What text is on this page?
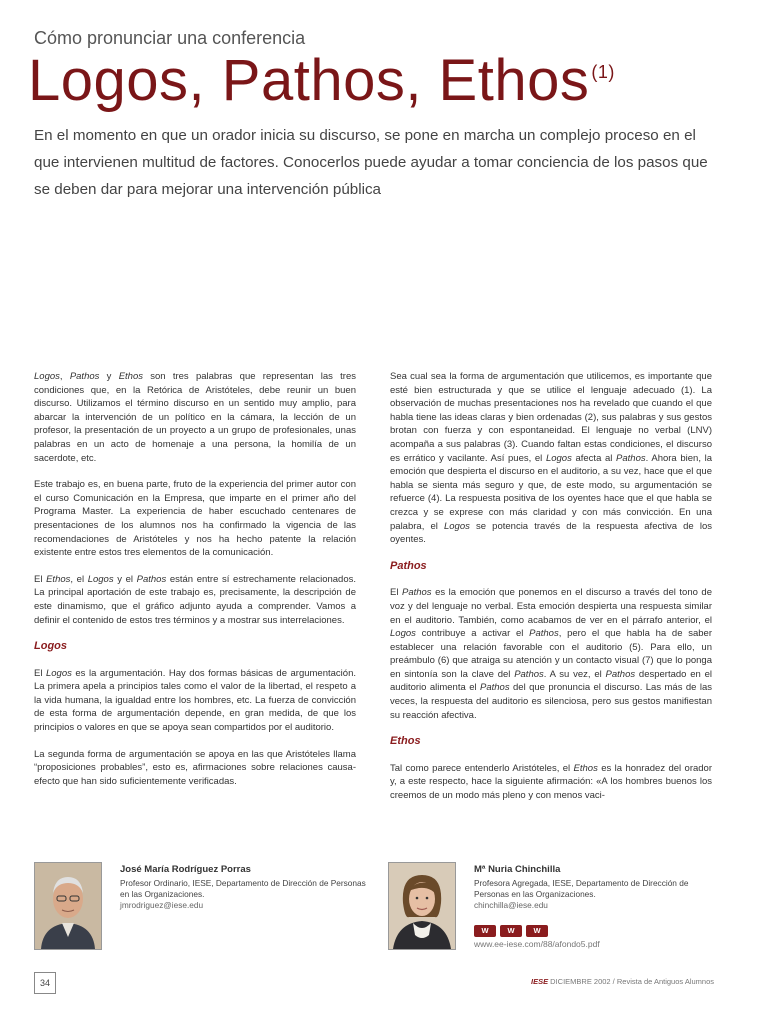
Cómo pronunciar una conferencia
Logos, Pathos, Ethos $^{(1)}$
En el momento en que un orador inicia su discurso, se pone en marcha un complejo proceso en el que intervienen multitud de factores. Conocerlos puede ayudar a tomar conciencia de los pasos que se deben dar para mejorar una intervención pública

Logos, Pathos y Ethos son tres palabras que representan las tres condiciones que, en la Retórica de Aristóteles, debe reunir un buen discurso. Utilizamos el término discurso en un sentido muy amplio, para abarcar la intervención de un político en la cámara, la lección de un profesor, la presentación de un proyecto a un grupo de profesionales, unas palabras en un acto de homenaje a una persona, la homilía de un sacerdote, etc.

Este trabajo es, en buena parte, fruto de la experiencia del primer autor con el curso Comunicación en la Empresa, que imparte en el primer año del Programa Master. La experiencia de haber escuchado centenares de presentaciones de los alumnos nos ha confirmado la vigencia de las recomendaciones de Aristóteles y nos ha hecho patente la relación existente entre estos tres elementos de la comunicación.

El Ethos, el Logos y el Pathos están entre sí estrechamente relacionados. La principal aportación de este trabajo es, precisamente, la descripción de este dinamismo, que el gráfico adjunto ayuda a comprender. Vamos a definir el contenido de estos tres términos y a mostrar sus interrelaciones.

Logos

El Logos es la argumentación. Hay dos formas básicas de argumentación. La primera apela a principios tales como el valor de la libertad, el respeto a la vida humana, la igualdad entre los hombres, etc. La fuerza de convicción de esta forma de argumentación depende, en gran medida, de que los principios o valores en que se apoya sean compartidos por el auditorio.

La segunda forma de argumentación se apoya en las que Aristóteles llama “proposiciones probables”, esto es, afirmaciones sobre relaciones causa-efecto que han sido suficientemente verificadas.

Sea cual sea la forma de argumentación que utilicemos, es importante que esté bien estructurada y que se utilice el lenguaje adecuado (1). La observación de muchas presentaciones nos ha revelado que cuando el que habla tiene las ideas claras y bien ordenadas (2), sus palabras y sus gestos brotan con fuerza y con espontaneidad. El lenguaje no verbal (LNV) acompaña a sus palabras (3). Cuando faltan estas condiciones, el discurso es errático y vacilante. Así pues, el Logos afecta al Pathos. Ahora bien, la emoción que despierta el discurso en el auditorio, a su vez, hace que el que habla se sienta más seguro y que, de este modo, su argumentación se refuerce (4). La respuesta positiva de los oyentes hace que el que habla se crezca y se exprese con más claridad y con más convicción. En una palabra, el Logos se potencia través de la respuesta afectiva de los oyentes.

Pathos

El Pathos es la emoción que ponemos en el discurso a través del tono de voz y del lenguaje no verbal. Esta emoción despierta una respuesta similar en el auditorio. También, como acabamos de ver en el párrafo anterior, el Logos contribuye a activar el Pathos, pero el que habla ha de saber establecer una relación favorable con el auditorio (5). Para ello, un preámbulo (6) que atraiga su atención y un contacto visual (7) que lo ponga en sintonía son la clave del Pathos. A su vez, el Pathos despertado en el auditorio alimenta el Pathos del que pronuncia el discurso. Las más de las veces, la respuesta del auditorio es silenciosa, pero sus gestos manifiestan su reacción afectiva.

Ethos

Tal como parece entenderlo Aristóteles, el Ethos es la honradez del orador y, a este respecto, hace la siguiente afirmación: «A los hombres buenos los creemos de un modo más pleno y con menos vaci-

José María Rodríguez Porras
Profesor Ordinario, IESE, Departamento de Dirección de Personas en las Organizaciones.
jmrodriguez@iese.edu
Mª Nuria Chinchilla
Profesora Agregada, IESE, Departamento de Dirección de Personas en las Organizaciones.
chinchilla@iese.edu
W	W	W
www.ee-iese.com/88/afondo5.pdf
34	IESE DICIEMBRE 2002 / Revista de Antiguos Alumnos
